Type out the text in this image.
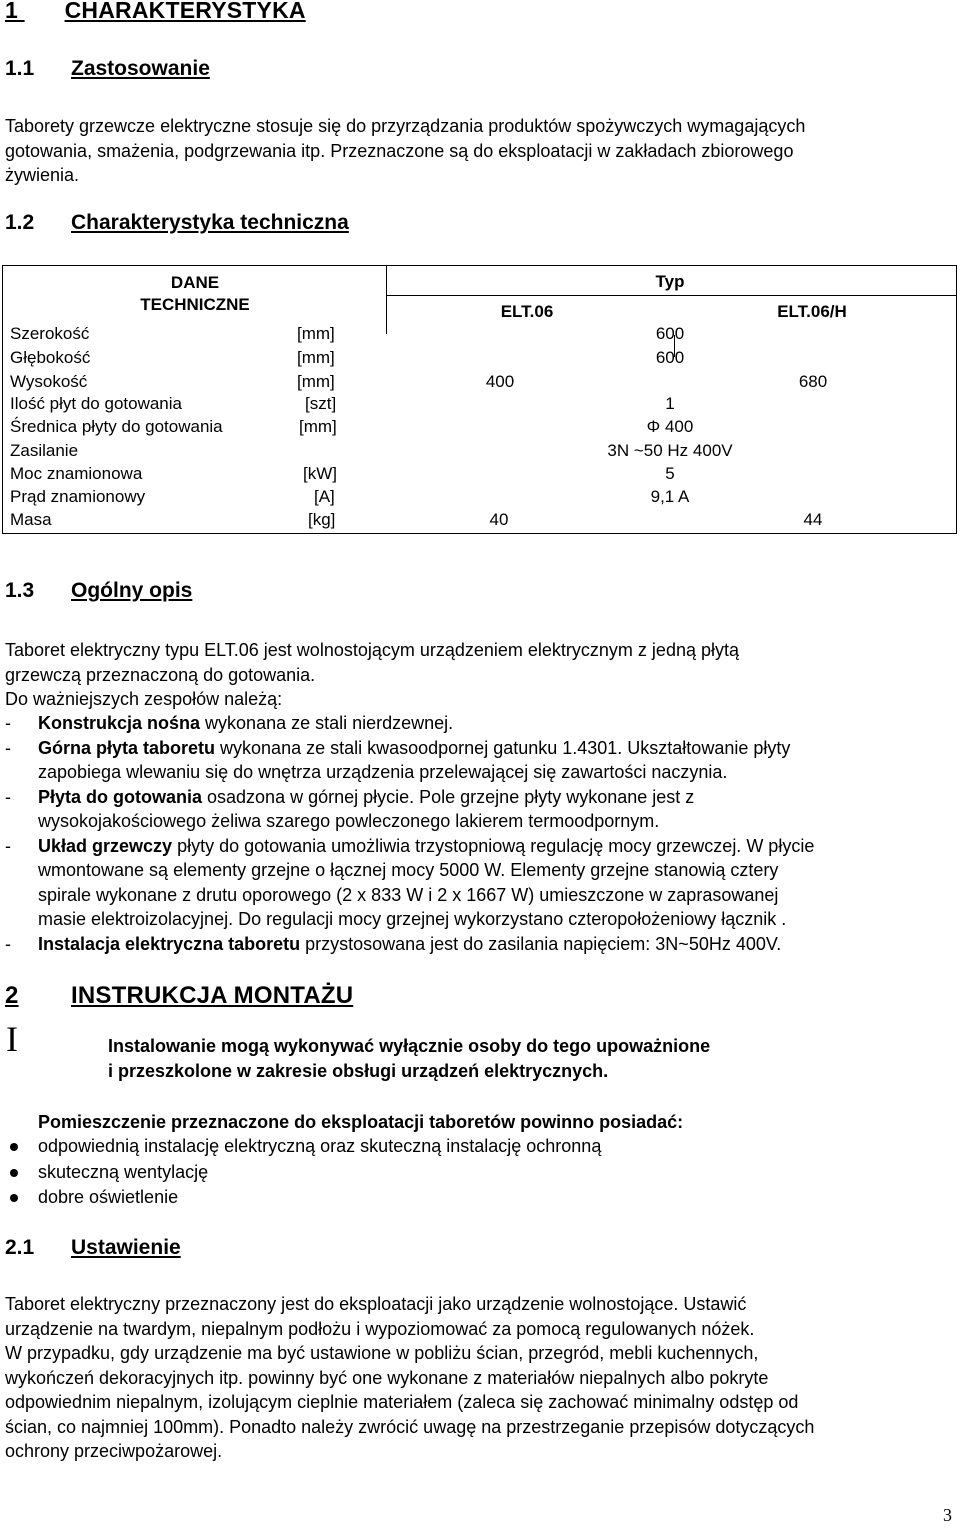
1 CHARAKTERYSTYKA
1.1 Zastosowanie
Taborety grzewcze elektryczne stosuje się do przyrządzania produktów spożywczych wymagających
gotowania, smażenia, podgrzewania itp. Przeznaczone są do eksploatacji w zakładach zbiorowego
żywienia.
1.2 Charakterystyka techniczna
DANE
TECHNICZNE
Typ
ELT.06	ELT.06/H
Szerokość	[mm]	600
Głębokość	[mm]	600
Wysokość	[mm]	400	680
Ilość płyt do gotowania	[szt]	1
Średnica płyty do gotowania	[mm]	Φ 400
Zasilanie	3N ~50 Hz 400V
Moc znamionowa	[kW]	5
Prąd znamionowy	[A]	9,1 A
Masa	[kg]	40	44
1.3 Ogólny opis
Taboret elektryczny typu ELT.06 jest wolnostojącym urządzeniem elektrycznym z jedną płytą
grzewczą przeznaczoną do gotowania.
Do ważniejszych zespołów należą:
- Konstrukcja nośna wykonana ze stali nierdzewnej.
- Górna płyta taboretu wykonana ze stali kwasoodpornej gatunku 1.4301. Ukształtowanie płyty
zapobiega wlewaniu się do wnętrza urządzenia przelewającej się zawartości naczynia.
- Płyta do gotowania osadzona w górnej płycie. Pole grzejne płyty wykonane jest z
wysokojakościowego żeliwa szarego powleczonego lakierem termoodpornym.
- Układ grzewczy płyty do gotowania umożliwia trzystopniową regulację mocy grzewczej. W płycie
wmontowane są elementy grzejne o łącznej mocy 5000 W. Elementy grzejne stanowią cztery
spirale wykonane z drutu oporowego (2 x 833 W i 2 x 1667 W) umieszczone w zaprasowanej
masie elektroizolacyjnej. Do regulacji mocy grzejnej wykorzystano czteropołożeniowy łącznik .
- Instalacja elektryczna taboretu przystosowana jest do zasilania napięciem: 3N~50Hz 400V.
2 INSTRUKCJA MONTAŻU
I	Instalowanie mogą wykonywać wyłącznie osoby do tego upoważnione
i przeszkolone w zakresie obsługi urządzeń elektrycznych.
Pomieszczenie przeznaczone do eksploatacji taboretów powinno posiadać:
odpowiednią instalację elektryczną oraz skuteczną instalację ochronną
skuteczną wentylację
dobre oświetlenie
2.1 Ustawienie
Taboret elektryczny przeznaczony jest do eksploatacji jako urządzenie wolnostojące. Ustawić
urządzenie na twardym, niepalnym podłożu i wypoziomować za pomocą regulowanych nóżek.
W przypadku, gdy urządzenie ma być ustawione w pobliżu ścian, przegród, mebli kuchennych,
wykończeń dekoracyjnych itp. powinny być one wykonane z materiałów niepalnych albo pokryte
odpowiednim niepalnym, izolującym cieplnie materiałem (zaleca się zachować minimalny odstęp od
ścian, co najmniej 100mm). Ponadto należy zwrócić uwagę na przestrzeganie przepisów dotyczących
ochrony przeciwpożarowej.
3
